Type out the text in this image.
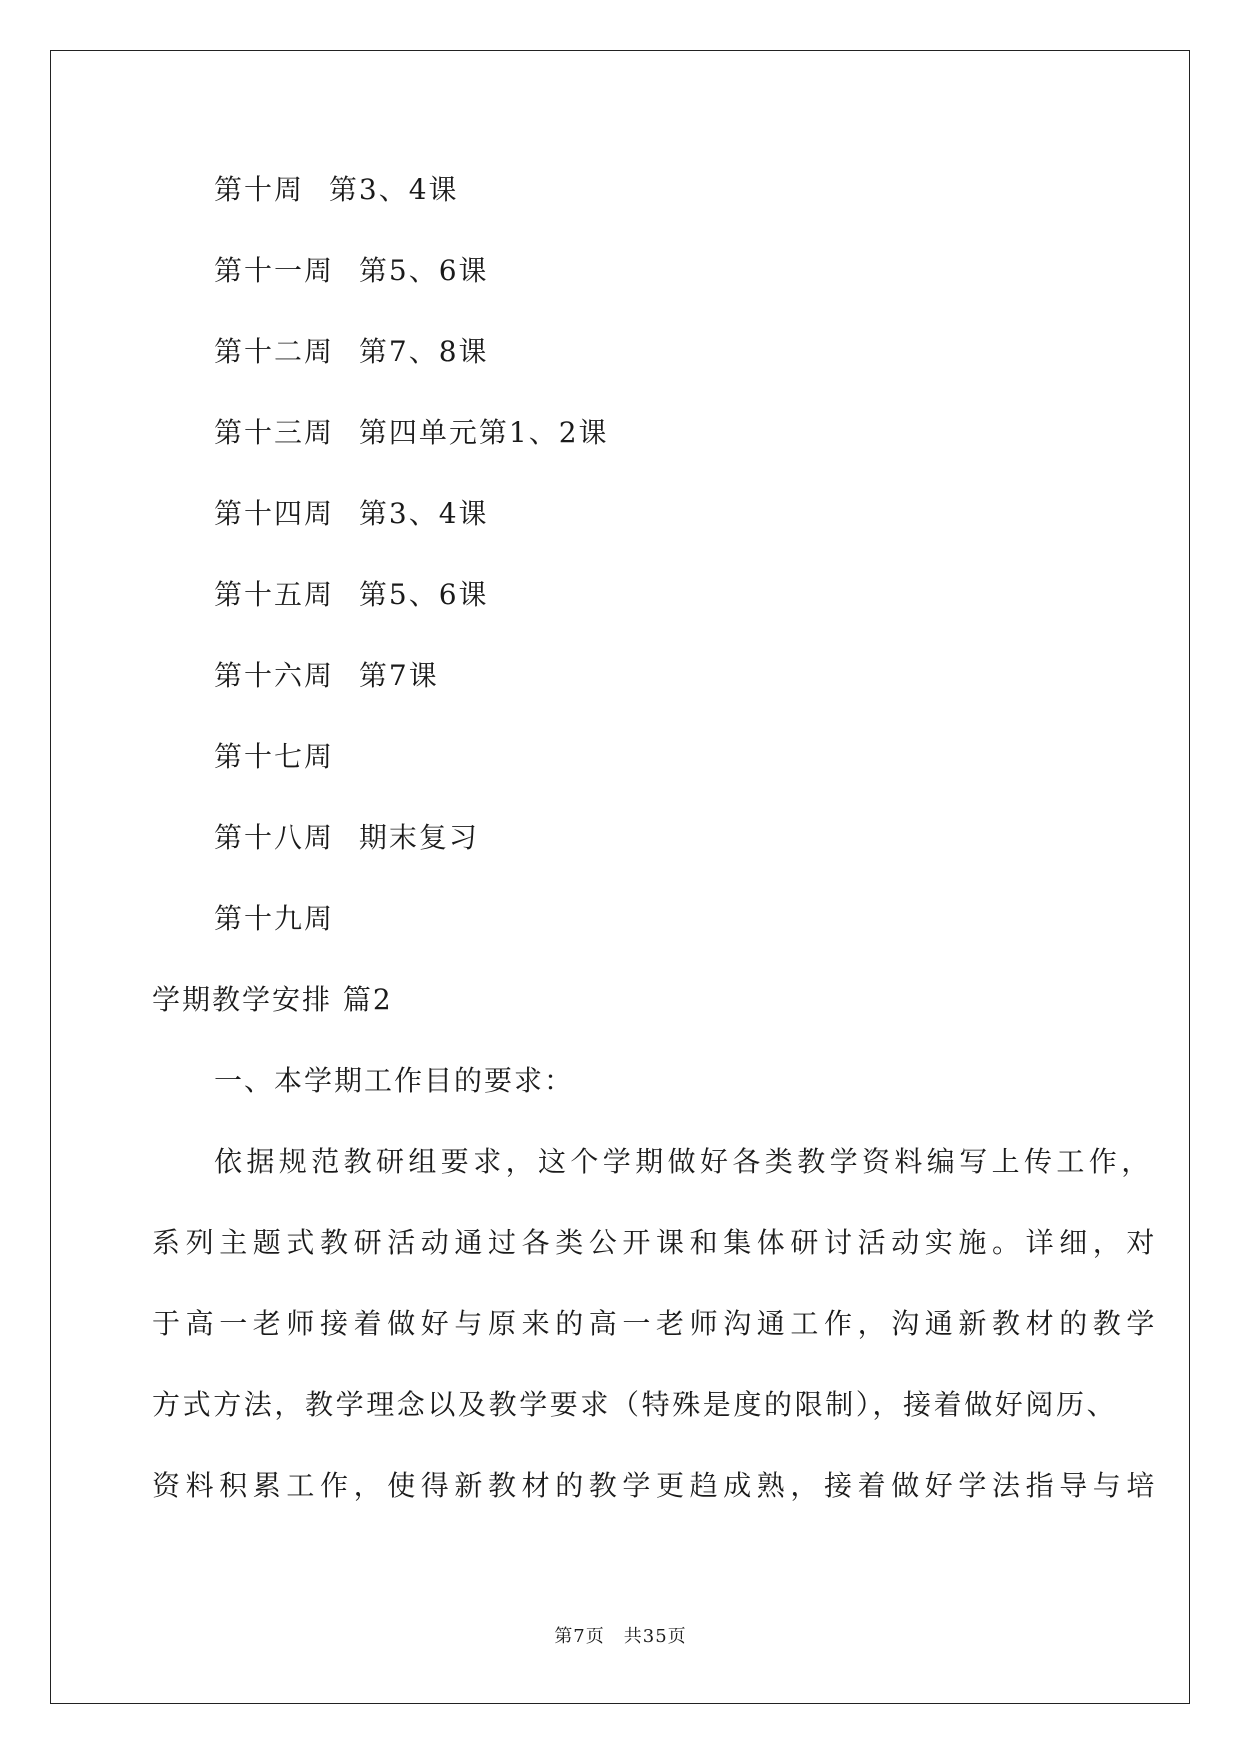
第十周 第3、4课
第十一周 第5、6课
第十二周 第7、8课
第十三周 第四单元第1、2课
第十四周 第3、4课
第十五周 第5、6课
第十六周 第7课
第十七周
第十八周 期末复习
第十九周
学期教学安排 篇2
一、本学期工作目的要求：
依据规范教研组要求，这个学期做好各类教学资料编写上传工作，
系列主题式教研活动通过各类公开课和集体研讨活动实施。详细，对
于高一老师接着做好与原来的高一老师沟通工作，沟通新教材的教学
方式方法，教学理念以及教学要求（特殊是度的限制），接着做好阅历、
资料积累工作，使得新教材的教学更趋成熟，接着做好学法指导与培
第7页　共35页
